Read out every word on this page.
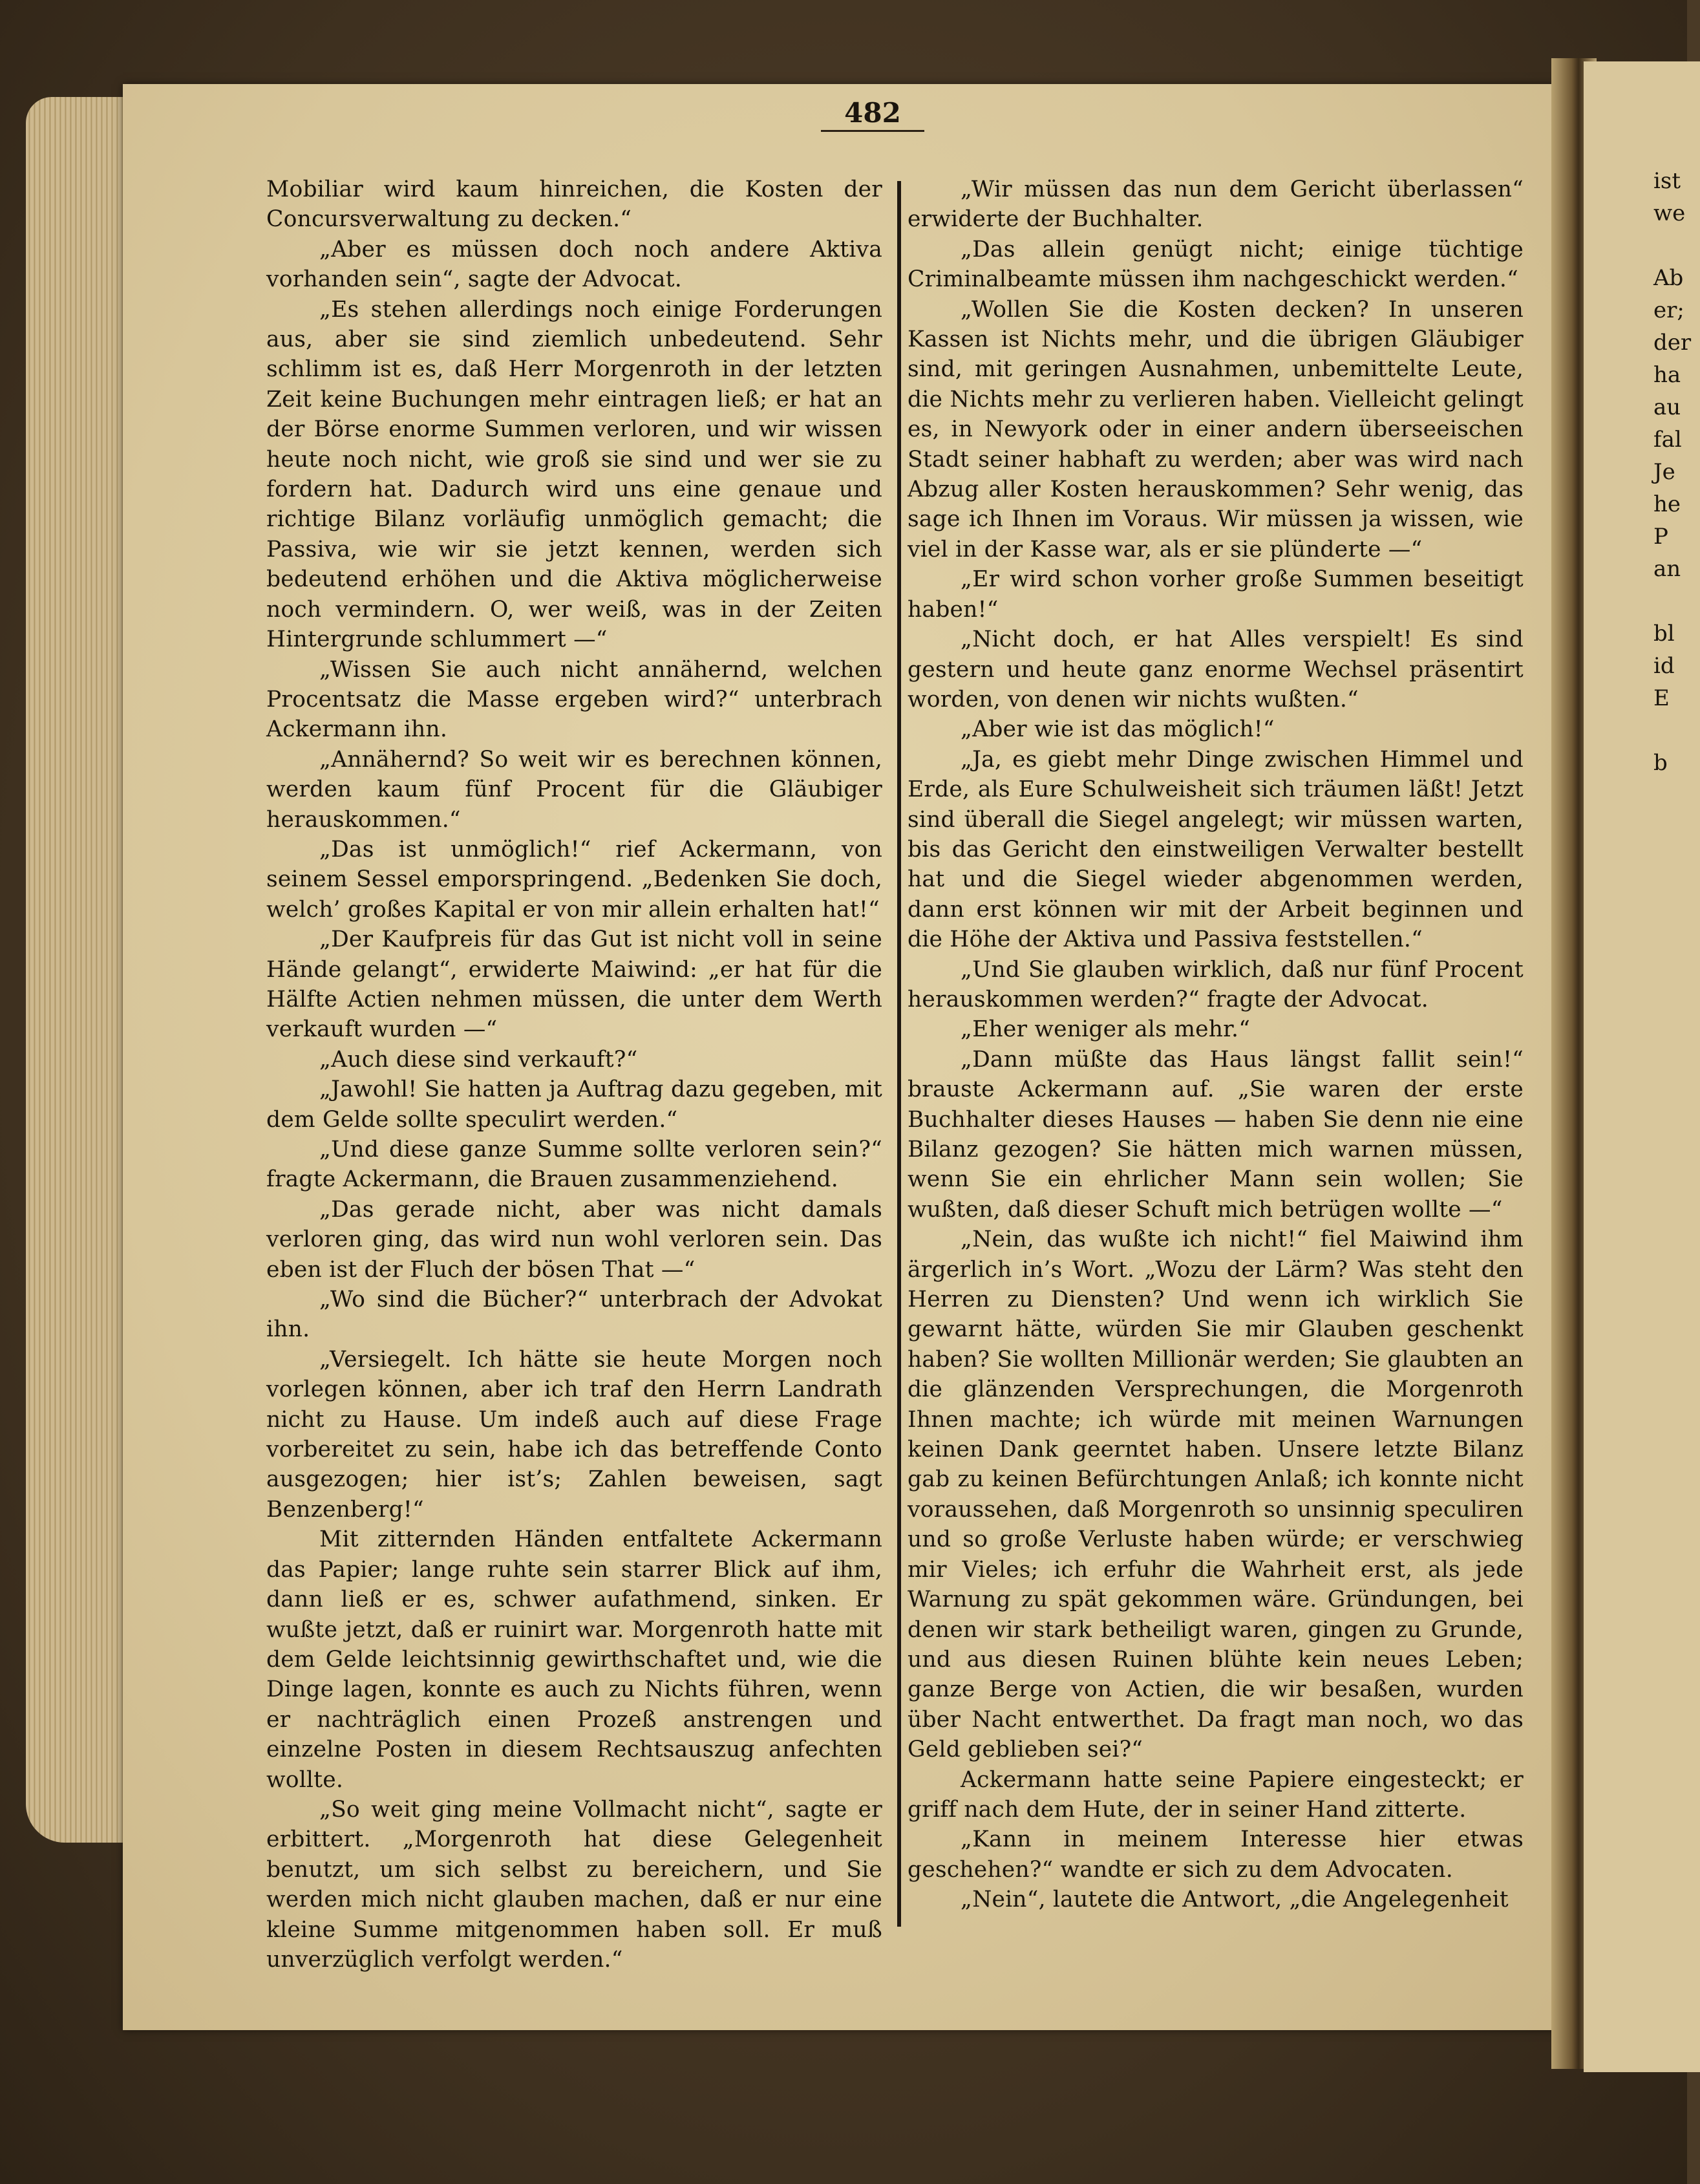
ist
we

Ab
er;
der
ha
au
fal
Je
he
P
an

bl
id
E

b
482

Mobiliar wird kaum hinreichen, die Kosten der Concursverwaltung zu decken.“

„Aber es müssen doch noch andere Aktiva vorhanden sein“, sagte der Advocat.

„Es stehen allerdings noch einige Forderungen aus, aber sie sind ziemlich unbedeutend. Sehr schlimm ist es, daß Herr Morgenroth in der letzten Zeit keine Buchungen mehr eintragen ließ; er hat an der Börse enorme Summen verloren, und wir wissen heute noch nicht, wie groß sie sind und wer sie zu fordern hat. Dadurch wird uns eine genaue und richtige Bilanz vorläufig unmöglich gemacht; die Passiva, wie wir sie jetzt kennen, werden sich bedeutend erhöhen und die Aktiva möglicherweise noch vermindern. O, wer weiß, was in der Zeiten Hintergrunde schlummert —“

„Wissen Sie auch nicht annähernd, welchen Procentsatz die Masse ergeben wird?“ unterbrach Ackermann ihn.

„Annähernd? So weit wir es berechnen können, werden kaum fünf Procent für die Gläubiger herauskommen.“

„Das ist unmöglich!“ rief Ackermann, von seinem Sessel emporspringend. „Bedenken Sie doch, welch’ großes Kapital er von mir allein erhalten hat!“

„Der Kaufpreis für das Gut ist nicht voll in seine Hände gelangt“, erwiderte Maiwind: „er hat für die Hälfte Actien nehmen müssen, die unter dem Werth verkauft wurden —“

„Auch diese sind verkauft?“

„Jawohl! Sie hatten ja Auftrag dazu gegeben, mit dem Gelde sollte speculirt werden.“

„Und diese ganze Summe sollte verloren sein?“ fragte Ackermann, die Brauen zusammenziehend.

„Das gerade nicht, aber was nicht damals verloren ging, das wird nun wohl verloren sein. Das eben ist der Fluch der bösen That —“

„Wo sind die Bücher?“ unterbrach der Advokat ihn.

„Versiegelt. Ich hätte sie heute Morgen noch vorlegen können, aber ich traf den Herrn Landrath nicht zu Hause. Um indeß auch auf diese Frage vorbereitet zu sein, habe ich das betreffende Conto ausgezogen; hier ist’s; Zahlen beweisen, sagt Benzenberg!“

Mit zitternden Händen entfaltete Ackermann das Papier; lange ruhte sein starrer Blick auf ihm, dann ließ er es, schwer aufathmend, sinken. Er wußte jetzt, daß er ruinirt war. Morgenroth hatte mit dem Gelde leichtsinnig gewirthschaftet und, wie die Dinge lagen, konnte es auch zu Nichts führen, wenn er nachträglich einen Prozeß anstrengen und einzelne Posten in diesem Rechtsauszug anfechten wollte.

„So weit ging meine Vollmacht nicht“, sagte er erbittert. „Morgenroth hat diese Gelegenheit benutzt, um sich selbst zu bereichern, und Sie werden mich nicht glauben machen, daß er nur eine kleine Summe mitgenommen haben soll. Er muß unverzüglich verfolgt werden.“

„Wir müssen das nun dem Gericht überlassen“ erwiderte der Buchhalter.

„Das allein genügt nicht; einige tüchtige Criminalbeamte müssen ihm nachgeschickt werden.“

„Wollen Sie die Kosten decken? In unseren Kassen ist Nichts mehr, und die übrigen Gläubiger sind, mit geringen Ausnahmen, unbemittelte Leute, die Nichts mehr zu verlieren haben. Vielleicht gelingt es, in Newyork oder in einer andern überseeischen Stadt seiner habhaft zu werden; aber was wird nach Abzug aller Kosten herauskommen? Sehr wenig, das sage ich Ihnen im Voraus. Wir müssen ja wissen, wie viel in der Kasse war, als er sie plünderte —“

„Er wird schon vorher große Summen beseitigt haben!“

„Nicht doch, er hat Alles verspielt! Es sind gestern und heute ganz enorme Wechsel präsentirt worden, von denen wir nichts wußten.“

„Aber wie ist das möglich!“

„Ja, es giebt mehr Dinge zwischen Himmel und Erde, als Eure Schulweisheit sich träumen läßt! Jetzt sind überall die Siegel angelegt; wir müssen warten, bis das Gericht den einstweiligen Verwalter bestellt hat und die Siegel wieder abgenommen werden, dann erst können wir mit der Arbeit beginnen und die Höhe der Aktiva und Passiva feststellen.“

„Und Sie glauben wirklich, daß nur fünf Procent herauskommen werden?“ fragte der Advocat.

„Eher weniger als mehr.“

„Dann müßte das Haus längst fallit sein!“ brauste Ackermann auf. „Sie waren der erste Buchhalter dieses Hauses — haben Sie denn nie eine Bilanz gezogen? Sie hätten mich warnen müssen, wenn Sie ein ehrlicher Mann sein wollen; Sie wußten, daß dieser Schuft mich betrügen wollte —“

„Nein, das wußte ich nicht!“ fiel Maiwind ihm ärgerlich in’s Wort. „Wozu der Lärm? Was steht den Herren zu Diensten? Und wenn ich wirklich Sie gewarnt hätte, würden Sie mir Glauben geschenkt haben? Sie wollten Millionär werden; Sie glaubten an die glänzenden Versprechungen, die Morgenroth Ihnen machte; ich würde mit meinen Warnungen keinen Dank geerntet haben. Unsere letzte Bilanz gab zu keinen Befürchtungen Anlaß; ich konnte nicht voraussehen, daß Morgenroth so unsinnig speculiren und so große Verluste haben würde; er verschwieg mir Vieles; ich erfuhr die Wahrheit erst, als jede Warnung zu spät gekommen wäre. Gründungen, bei denen wir stark betheiligt waren, gingen zu Grunde, und aus diesen Ruinen blühte kein neues Leben; ganze Berge von Actien, die wir besaßen, wurden über Nacht entwerthet. Da fragt man noch, wo das Geld geblieben sei?“

Ackermann hatte seine Papiere eingesteckt; er griff nach dem Hute, der in seiner Hand zitterte.

„Kann in meinem Interesse hier etwas geschehen?“ wandte er sich zu dem Advocaten.

„Nein“, lautete die Antwort, „die Angelegenheit
